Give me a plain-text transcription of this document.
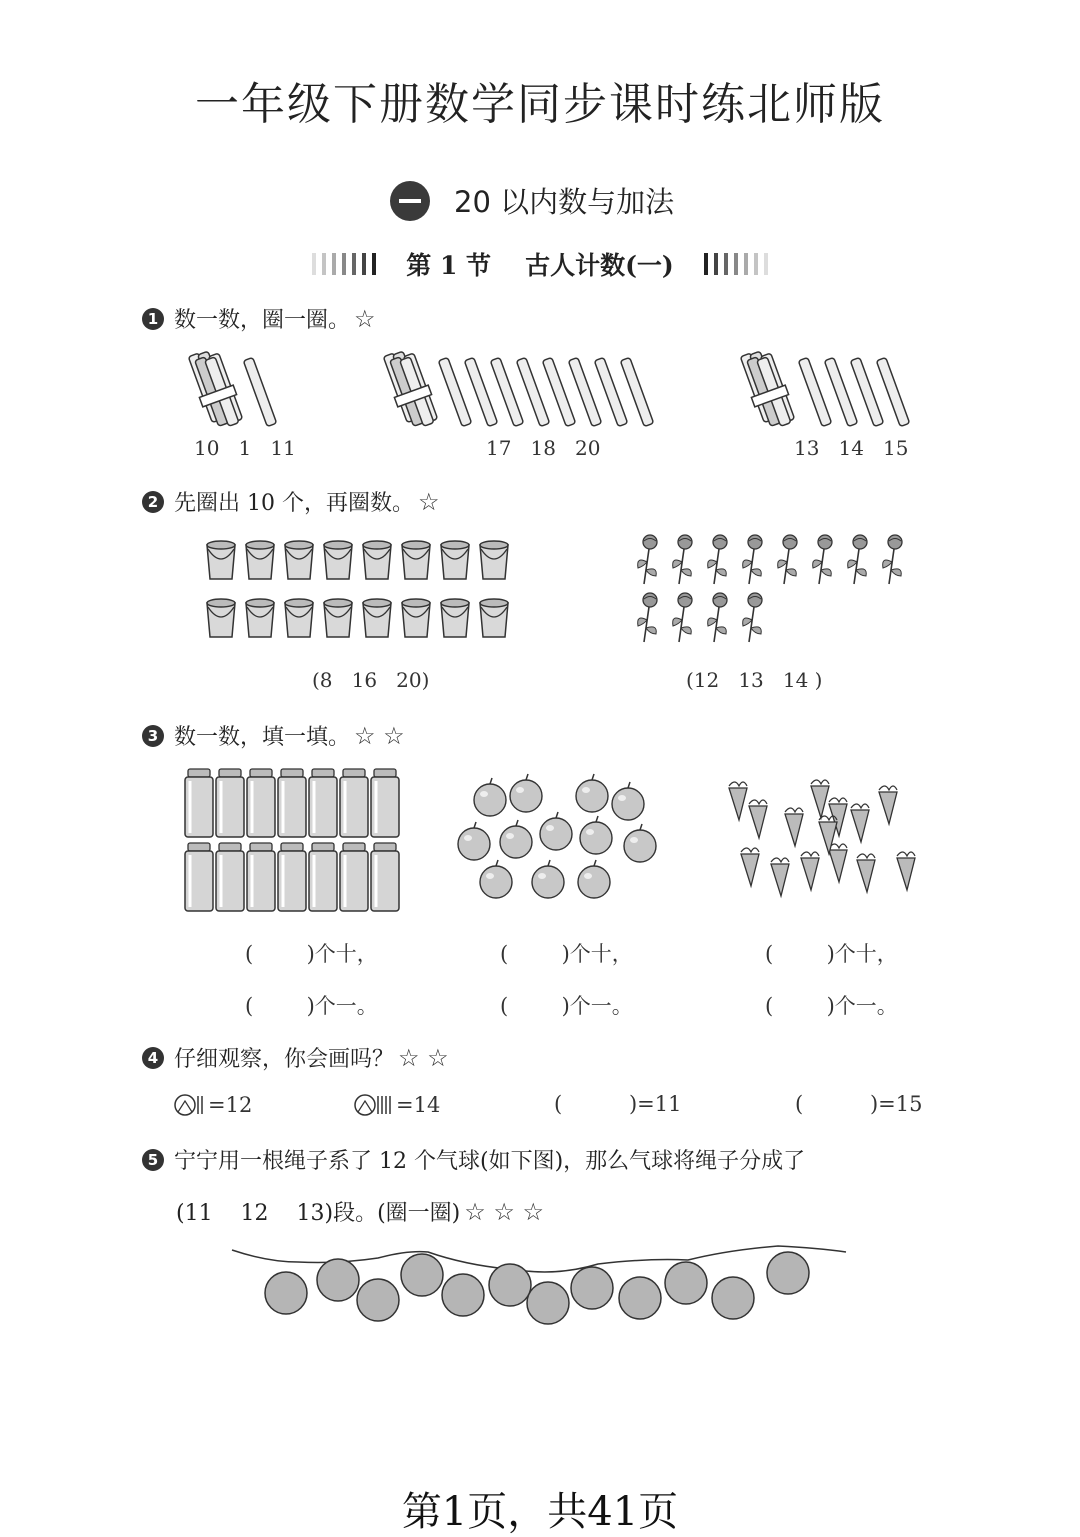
一年级下册数学同步课时练北师版
20 以内数与加法
第 1 节 古人计数(一)
1 数一数，圈一圈。 ☆
10   1   11	17   18   20	13   14   15
2 先圈出 10 个，再圈数。 ☆
(8   16   20)	(12   13   14 )
3 数一数，填一填。 ☆ ☆
(        )个十，
(        )个一。
(        )个十，
(        )个一。
(        )个十，
(        )个一。
4 仔细观察，你会画吗？ ☆ ☆
=12	=14	(          )=11	(          )=15
5 宁宁用一根绳子系了 12 个气球(如下图)，那么气球将绳子分成了
(11    12    13)段。(圈一圈) ☆ ☆ ☆
第1页，共41页
